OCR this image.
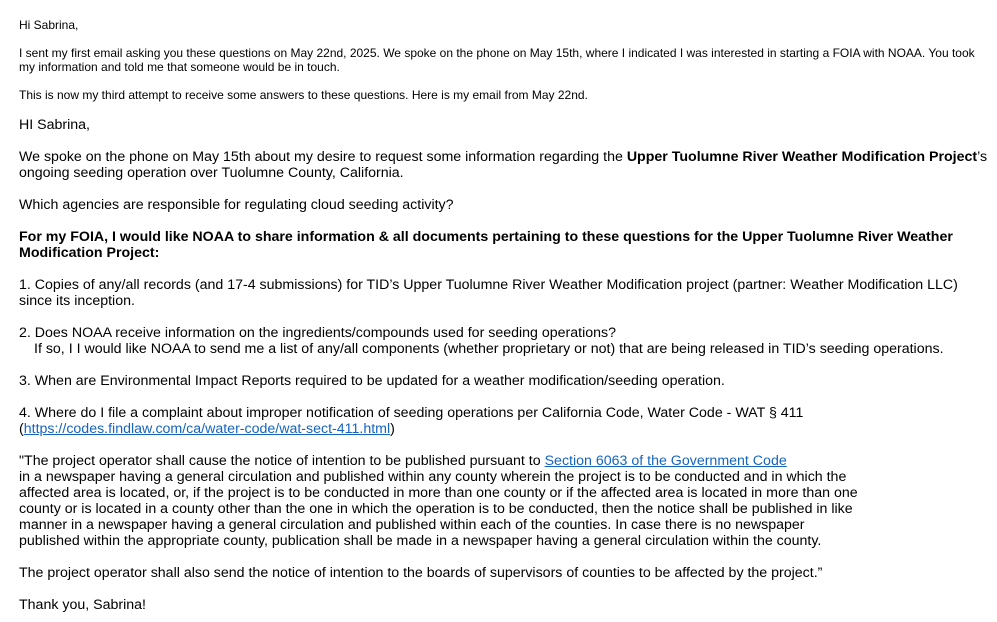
Hi Sabrina,
I sent my first email asking you these questions on May 22nd, 2025. We spoke on the phone on May 15th, where I indicated I was interested in starting a FOIA with NOAA. You took
my information and told me that someone would be in touch.
This is now my third attempt to receive some answers to these questions. Here is my email from May 22nd.
HI Sabrina,
We spoke on the phone on May 15th about my desire to request some information regarding the Upper Tuolumne River Weather Modification Project’s
ongoing seeding operation over Tuolumne County, California.
Which agencies are responsible for regulating cloud seeding activity?
For my FOIA, I would like NOAA to share information & all documents pertaining to these questions for the Upper Tuolumne River Weather
Modification Project:
1. Copies of any/all records (and 17-4 submissions) for TID’s Upper Tuolumne River Weather Modification project (partner: Weather Modification LLC)
since its inception.
2. Does NOAA receive information on the ingredients/compounds used for seeding operations?
If so, I I would like NOAA to send me a list of any/all components (whether proprietary or not) that are being released in TID’s seeding operations.
3. When are Environmental Impact Reports required to be updated for a weather modification/seeding operation.
4. Where do I file a complaint about improper notification of seeding operations per California Code, Water Code - WAT § 411
(https://codes.findlaw.com/ca/water-code/wat-sect-411.html)
"The project operator shall cause the notice of intention to be published pursuant to Section 6063 of the Government Code
in a newspaper having a general circulation and published within any county wherein the project is to be conducted and in which the
affected area is located, or, if the project is to be conducted in more than one county or if the affected area is located in more than one
county or is located in a county other than the one in which the operation is to be conducted, then the notice shall be published in like
manner in a newspaper having a general circulation and published within each of the counties. In case there is no newspaper
published within the appropriate county, publication shall be made in a newspaper having a general circulation within the county.
The project operator shall also send the notice of intention to the boards of supervisors of counties to be affected by the project.”
Thank you, Sabrina!
